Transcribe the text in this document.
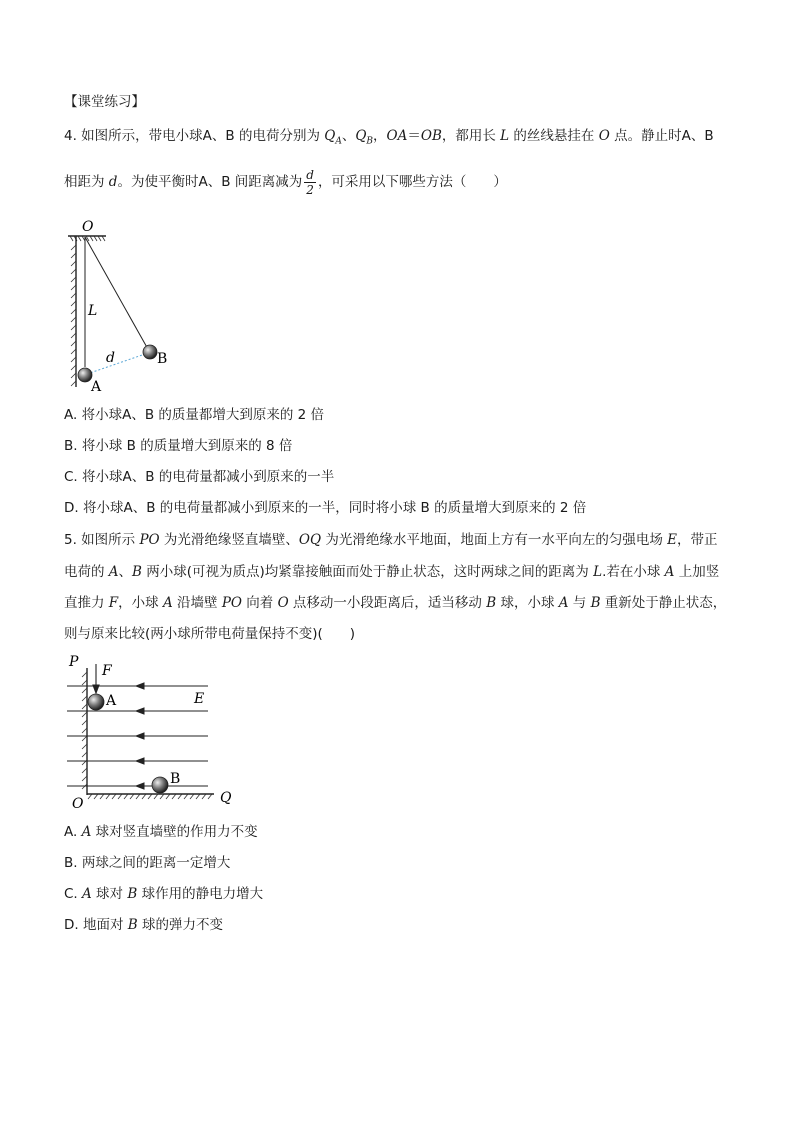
【课堂练习】
4. 如图所示，带电小球A、B 的电荷分别为 $Q_A$、$Q_B$，OA＝OB，都用长 L 的丝线悬挂在 O 点。静止时A、B
相距为 d。为使平衡时A、B 间距离减为 $\frac{d}{2}$ ，可采用以下哪些方法（　　）
O
L
d
A
B
A. 将小球A、B 的质量都增大到原来的 2 倍
B. 将小球 B 的质量增大到原来的 8 倍
C. 将小球A、B 的电荷量都减小到原来的一半
D. 将小球A、B 的电荷量都减小到原来的一半，同时将小球 B 的质量增大到原来的 2 倍
5. 如图所示 PO 为光滑绝缘竖直墙壁、OQ 为光滑绝缘水平地面，地面上方有一水平向左的匀强电场 E，带正
电荷的 A、B 两小球(可视为质点)均紧靠接触面而处于静止状态，这时两球之间的距离为 L.若在小球 A 上加竖
直推力 F，小球 A 沿墙壁 PO 向着 O 点移动一小段距离后，适当移动 B 球，小球 A 与 B 重新处于静止状态，
则与原来比较(两小球所带电荷量保持不变)(　　)
P
F
A	E
B
O	Q
A. A 球对竖直墙壁的作用力不变
B. 两球之间的距离一定增大
C. A 球对 B 球作用的静电力增大
D. 地面对 B 球的弹力不变
